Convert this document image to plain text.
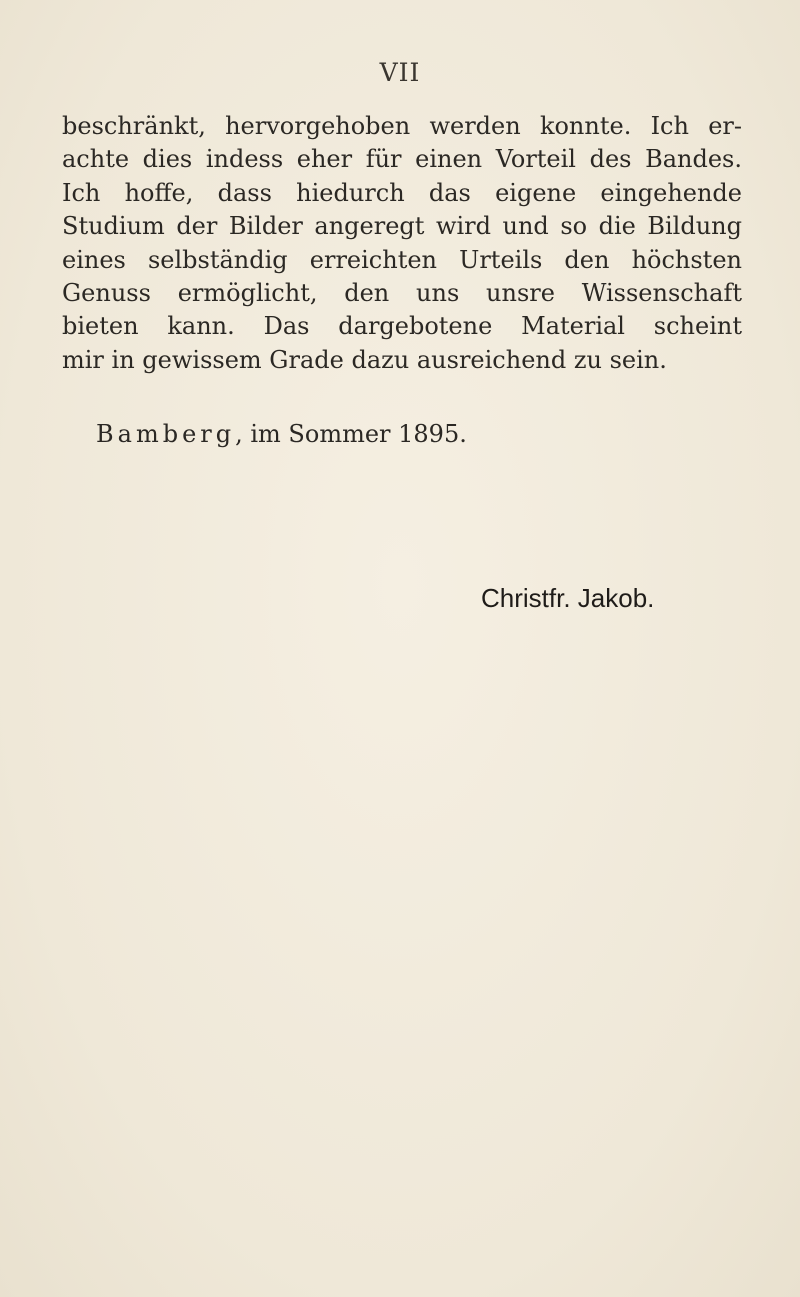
VII
beschränkt, hervorgehoben werden konnte. Ich er-
achte dies indess eher für einen Vorteil des Bandes.
Ich hoffe, dass hiedurch das eigene eingehende
Studium der Bilder angeregt wird und so die Bildung
eines selbständig erreichten Urteils den höchsten
Genuss ermöglicht, den uns unsre Wissenschaft
bieten kann. Das dargebotene Material scheint
mir in gewissem Grade dazu ausreichend zu sein.
Bamberg, im Sommer 1895.
Christfr. Jakob.
